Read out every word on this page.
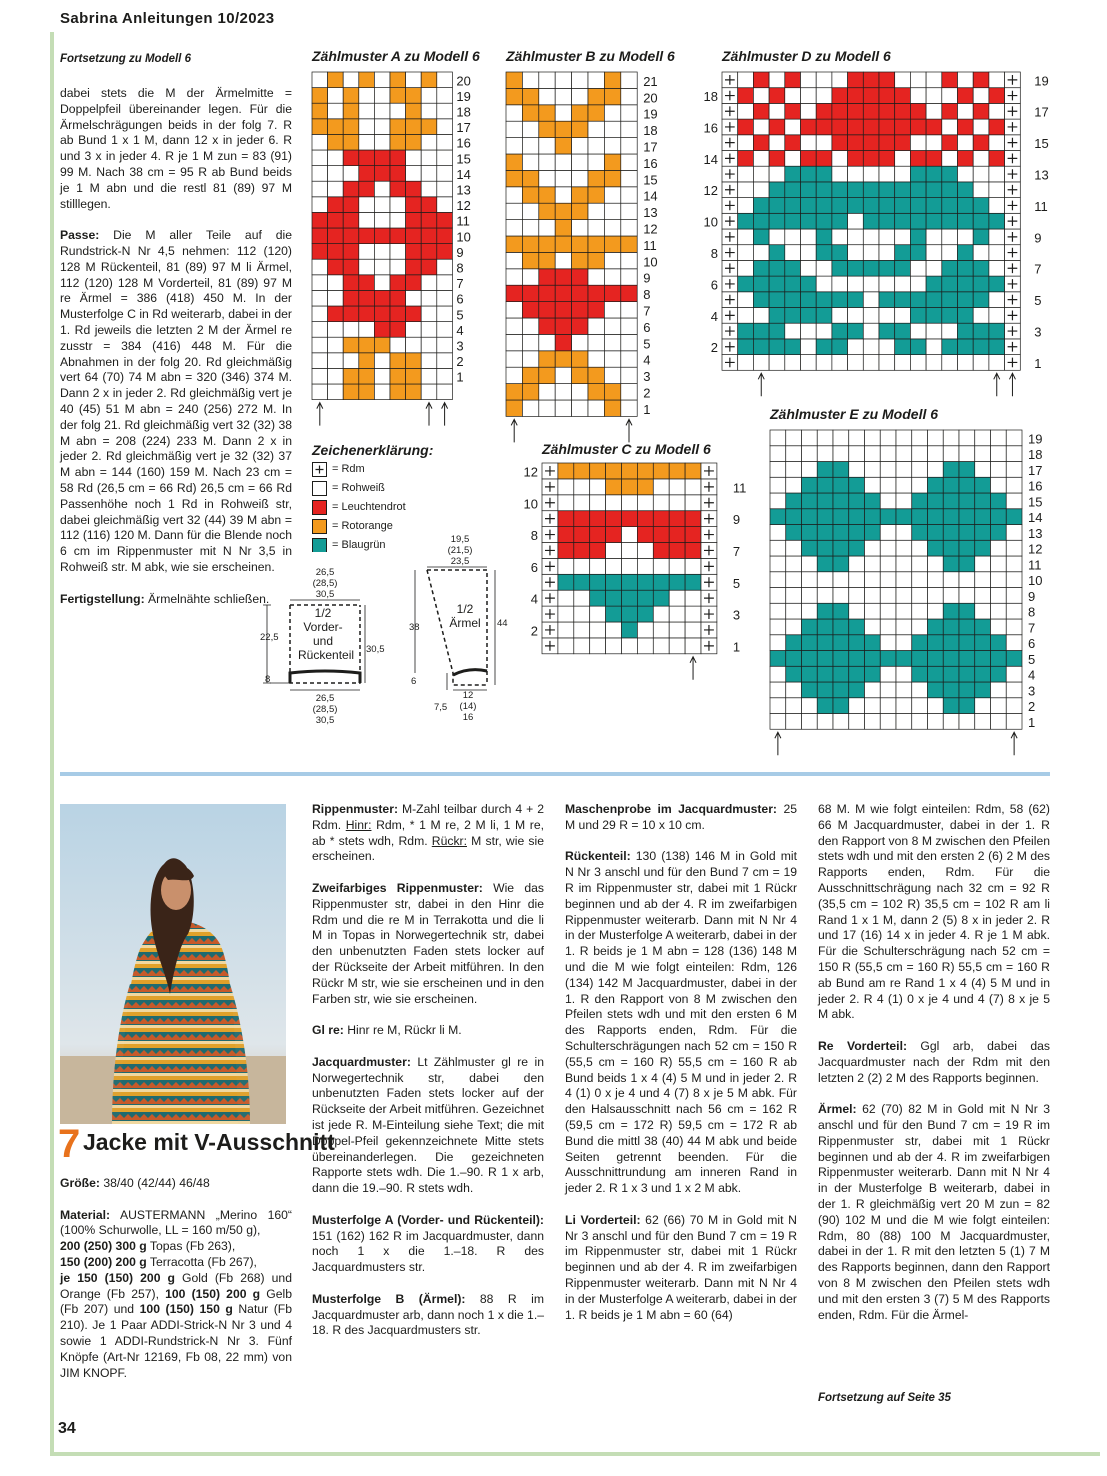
Sabrina Anleitungen 10/2023
Fortsetzung zu Modell 6

dabei stets die M der Ärmelmitte = Doppelpfeil übereinander legen. Für die Ärmelschrägungen beids in der folg 7. R ab Bund 1 x 1 M, dann 12 x in jeder 6. R und 3 x in jeder 4. R je 1 M zun = 83 (91) 99 M. Nach 38 cm = 95 R ab Bund beids je 1 M abn und die restl 81 (89) 97 M stilllegen.

Passe: Die M aller Teile auf die Rundstrick-N Nr 4,5 nehmen: 112 (120) 128 M Rückenteil, 81 (89) 97 M li Ärmel, 112 (120) 128 M Vorderteil, 81 (89) 97 M re Ärmel = 386 (418) 450 M. In der Musterfolge C in Rd weiterarb, dabei in der 1. Rd jeweils die letzten 2 M der Ärmel re zusstr = 384 (416) 448 M. Für die Abnahmen in der folg 20. Rd gleichmäßig vert 64 (70) 74 M abn = 320 (346) 374 M. Dann 2 x in jeder 2. Rd gleichmäßig vert je 40 (45) 51 M abn = 240 (256) 272 M. In der folg 21. Rd gleichmäßig vert 32 (32) 38 M abn = 208 (224) 233 M. Dann 2 x in jeder 2. Rd gleichmäßig vert je 32 (32) 37 M abn = 144 (160) 159 M. Nach 23 cm = 58 Rd (26,5 cm = 66 Rd) 26,5 cm = 66 Rd Passenhöhe noch 1 Rd in Rohweiß str, dabei gleichmäßig vert 32 (44) 39 M abn = 112 (116) 120 M. Dann für die Blende noch 6 cm im Rippenmuster mit N Nr 3,5 in Rohweiß str. M abk, wie sie erscheinen.

Fertigstellung: Ärmelnähte schließen.

Zählmuster A zu Modell 6 Zählmuster B zu Modell 6	Zählmuster D zu Modell 6
Zählmuster E zu Modell 6
Zählmuster C zu Modell 6
20
19
18
17
16
15
14
13
12
11
10
9
8
7
6
5
4
3
2
1
1
2
3
4
5
6
7
8
9
10
11
12
13
14
15
16
17
18
19
20
21
1
3
5
7
9
11
2
4
6
8
10
12
1
3
5
7
9
11
13
15
17
19
2
4
6
8
10
12
14
16
18
1
2
3
4
5
6
7
8
9
10
11
12
13
14
15
16
17
18
19
Zeichenerklärung:
= Rdm
= Rohweiß
= Leuchtendrot
= Rotorange
= Blaugrün
1/2
Vorder-
und
Rückenteil
26,5
(28,5)
30,5
22,5
30,5
8
26,5
(28,5)
30,5
1/2
Ärmel
19,5
(21,5)
23,5
38	44
6
7,5
12
(14)
16
7 Jacke mit V-Ausschnitt

Größe: 38/40 (42/44) 46/48

Material: AUSTERMANN „Merino 160“ (100% Schurwolle, LL = 160 m/50 g),
200 (250) 300 g Topas (Fb 263),
150 (200) 200 g Terracotta (Fb 267),
je 150 (150) 200 g Gold (Fb 268) und Orange (Fb 257), 100 (150) 200 g Gelb (Fb 207) und 100 (150) 150 g Natur (Fb 210). Je 1 Paar ADDI-Strick-N Nr 3 und 4 sowie 1 ADDI-Rundstrick-N Nr 3. Fünf Knöpfe (Art-Nr 12169, Fb 08, 22 mm) von JIM KNOPF.

Rippenmuster: M-Zahl teilbar durch 4 + 2 Rdm. Hinr: Rdm, * 1 M re, 2 M li, 1 M re, ab * stets wdh, Rdm. Rückr: M str, wie sie erscheinen.

Zweifarbiges Rippenmuster: Wie das Rippenmuster str, dabei in den Hinr die Rdm und die re M in Terrakotta und die li M in Topas in Norwegertechnik str, dabei den unbenutzten Faden stets locker auf der Rückseite der Arbeit mitführen. In den Rückr M str, wie sie erscheinen und in den Farben str, wie sie erscheinen.

Gl re: Hinr re M, Rückr li M.

Jacquardmuster: Lt Zählmuster gl re in Norwegertechnik str, dabei den unbenutzten Faden stets locker auf der Rückseite der Arbeit mitführen. Gezeichnet ist jede R. M-Einteilung siehe Text; die mit Doppel-Pfeil gekennzeichnete Mitte stets übereinanderlegen. Die gezeichneten Rapporte stets wdh. Die 1.–90. R 1 x arb, dann die 19.–90. R stets wdh.

Musterfolge A (Vorder- und Rückenteil): 151 (162) 162 R im Jacquardmuster, dann noch 1 x die 1.–18. R des Jacquardmusters str.

Musterfolge B (Ärmel): 88 R im Jacquardmuster arb, dann noch 1 x die 1.–18. R des Jacquardmusters str.

Maschenprobe im Jacquardmuster: 25 M und 29 R = 10 x 10 cm.

Rückenteil: 130 (138) 146 M in Gold mit N Nr 3 anschl und für den Bund 7 cm = 19 R im Rippenmuster str, dabei mit 1 Rückr beginnen und ab der 4. R im zweifarbigen Rippenmuster weiterarb. Dann mit N Nr 4 in der Musterfolge A weiterarb, dabei in der 1. R beids je 1 M abn = 128 (136) 148 M und die M wie folgt einteilen: Rdm, 126 (134) 142 M Jacquardmuster, dabei in der 1. R den Rapport von 8 M zwischen den Pfeilen stets wdh und mit den ersten 6 M des Rapports enden, Rdm. Für die Schulterschrägungen nach 52 cm = 150 R (55,5 cm = 160 R) 55,5 cm = 160 R ab Bund beids 1 x 4 (4) 5 M und in jeder 2. R 4 (1) 0 x je 4 und 4 (7) 8 x je 5 M abk. Für den Halsausschnitt nach 56 cm = 162 R (59,5 cm = 172 R) 59,5 cm = 172 R ab Bund die mittl 38 (40) 44 M abk und beide Seiten getrennt beenden. Für die Ausschnittrundung am inneren Rand in jeder 2. R 1 x 3 und 1 x 2 M abk.

Li Vorderteil: 62 (66) 70 M in Gold mit N Nr 3 anschl und für den Bund 7 cm = 19 R im Rippenmuster str, dabei mit 1 Rückr beginnen und ab der 4. R im zweifarbigen Rippenmuster weiterarb. Dann mit N Nr 4 in der Musterfolge A weiterarb, dabei in der 1. R beids je 1 M abn = 60 (64)

68 M. M wie folgt einteilen: Rdm, 58 (62) 66 M Jacquardmuster, dabei in der 1. R den Rapport von 8 M zwischen den Pfeilen stets wdh und mit den ersten 2 (6) 2 M des Rapports enden, Rdm. Für die Ausschnittschrägung nach 32 cm = 92 R (35,5 cm = 102 R) 35,5 cm = 102 R am li Rand 1 x 1 M, dann 2 (5) 8 x in jeder 2. R und 17 (16) 14 x in jeder 4. R je 1 M abk. Für die Schulterschrägung nach 52 cm = 150 R (55,5 cm = 160 R) 55,5 cm = 160 R ab Bund am re Rand 1 x 4 (4) 5 M und in jeder 2. R 4 (1) 0 x je 4 und 4 (7) 8 x je 5 M abk.

Re Vorderteil: Ggl arb, dabei das Jacquardmuster nach der Rdm mit den letzten 2 (2) 2 M des Rapports beginnen.

Ärmel: 62 (70) 82 M in Gold mit N Nr 3 anschl und für den Bund 7 cm = 19 R im Rippenmuster str, dabei mit 1 Rückr beginnen und ab der 4. R im zweifarbigen Rippenmuster weiterarb. Dann mit N Nr 4 in der Musterfolge B weiterarb, dabei in der 1. R gleichmäßig vert 20 M zun = 82 (90) 102 M und die M wie folgt einteilen: Rdm, 80 (88) 100 M Jacquardmuster, dabei in der 1. R mit den letzten 5 (1) 7 M des Rapports beginnen, dann den Rapport von 8 M zwischen den Pfeilen stets wdh und mit den ersten 3 (7) 5 M des Rapports enden, Rdm. Für die Ärmel-

Fortsetzung auf Seite 35
34
